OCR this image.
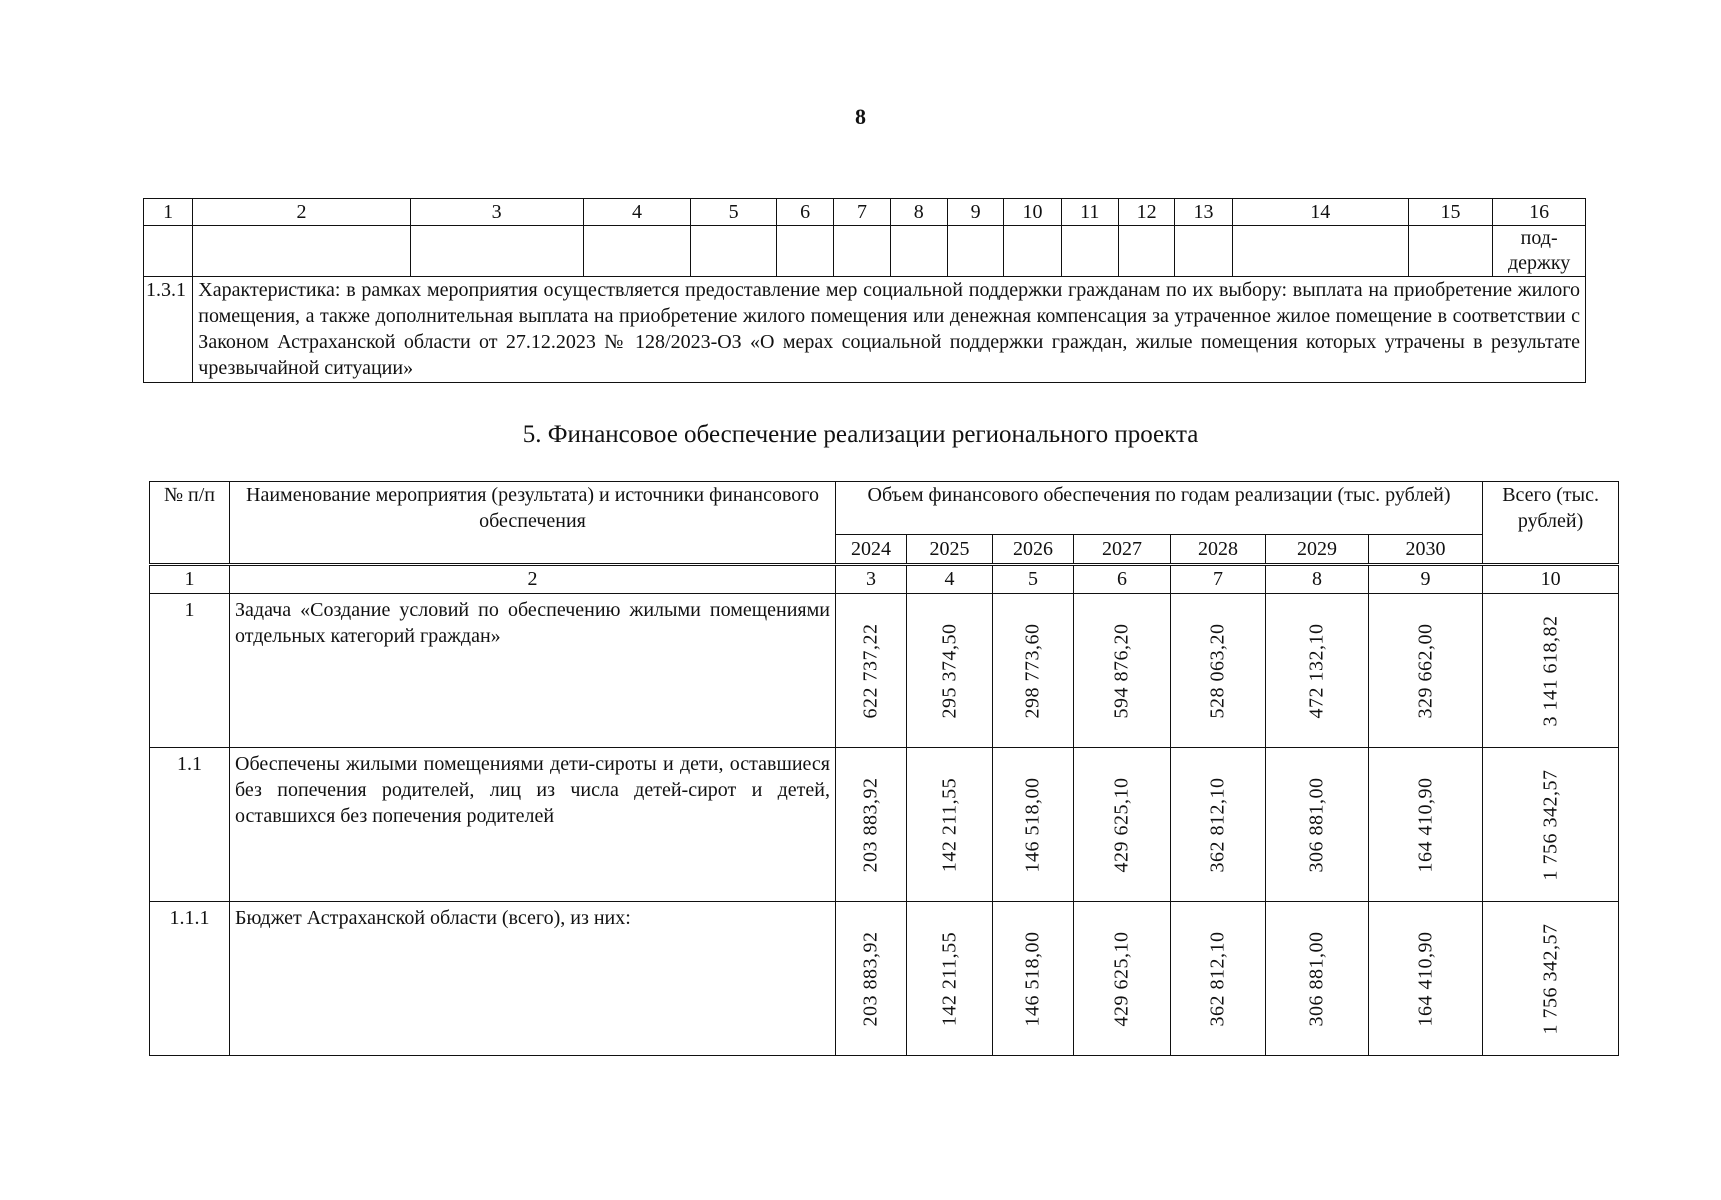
8
1	2	3	4	5	6	7	8	9	10	11	12	13	14	15	16
															под-держку
1.3.1	Характеристика: в рамках мероприятия осуществляется предоставление мер социальной поддержки гражданам по их выбору: выплата на приобретение жилого помещения, а также дополнительная выплата на приобретение жилого помещения или денежная компенсация за утраченное жилое помещение в соответствии с Законом Астраханской области от 27.12.2023 № 128/2023-ОЗ «О мерах социальной поддержки граждан, жилые помещения которых утрачены в результате чрезвычайной ситуации»														
5. Финансовое обеспечение реализации регионального проекта
№ п/п	Наименование мероприятия (результата) и источники финансового обеспечения	Объем финансового обеспечения по годам реализации (тыс. рублей)							Всего (тыс. рублей)
		2024	2025	2026	2027	2028	2029	2030	
1	2	3	4	5	6	7	8	9	10
1	Задача «Создание условий по обеспечению жилыми помещениями отдельных категорий граждан»	622 737,22	295 374,50	298 773,60	594 876,20	528 063,20	472 132,10	329 662,00	3 141 618,82

1.1	Обеспечены жилыми помещениями дети-сироты и дети, оставшиеся без попечения родителей, лиц из числа детей-сирот и детей, оставшихся без попечения родителей	203 883,92	142 211,55	146 518,00	429 625,10	362 812,10	306 881,00	164 410,90	1 756 342,57

1.1.1	Бюджет Астраханской области (всего), из них:	203 883,92	142 211,55	146 518,00	429 625,10	362 812,10	306 881,00	164 410,90	1 756 342,57
